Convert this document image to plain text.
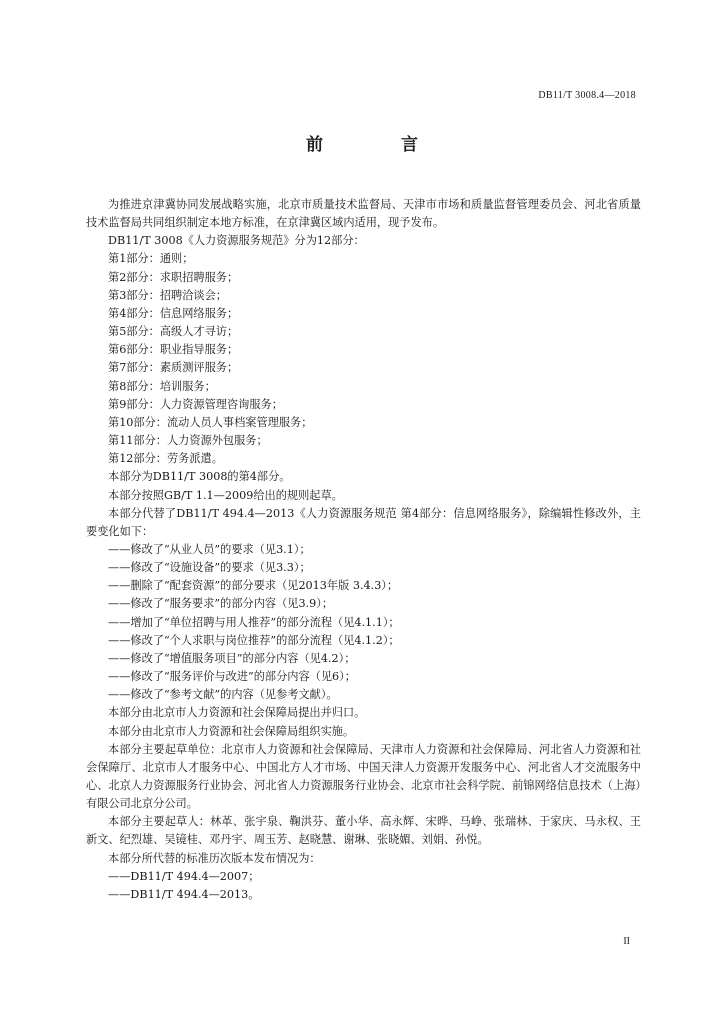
DB11/T 3008.4—2018
前 言

为推进京津冀协同发展战略实施，北京市质量技术监督局、天津市市场和质量监督管理委员会、河北省质量技术监督局共同组织制定本地方标准，在京津冀区域内适用，现予发布。

DB11/T 3008《人力资源服务规范》分为12部分：

第1部分：通则；

第2部分：求职招聘服务；

第3部分：招聘洽谈会；

第4部分：信息网络服务；

第5部分：高级人才寻访；

第6部分：职业指导服务；

第7部分：素质测评服务；

第8部分：培训服务；

第9部分：人力资源管理咨询服务；

第10部分：流动人员人事档案管理服务；

第11部分：人力资源外包服务；

第12部分：劳务派遣。

本部分为DB11/T 3008的第4部分。

本部分按照GB/T 1.1—2009给出的规则起草。

本部分代替了DB11/T 494.4—2013《人力资源服务规范 第4部分：信息网络服务》，除编辑性修改外，主要变化如下：

——修改了“从业人员”的要求（见3.1）；

——修改了“设施设备”的要求（见3.3）；

——删除了“配套资源”的部分要求（见2013年版 3.4.3）；

——修改了“服务要求”的部分内容（见3.9）；

——增加了“单位招聘与用人推荐”的部分流程（见4.1.1）；

——修改了“个人求职与岗位推荐”的部分流程（见4.1.2）；

——修改了“增值服务项目”的部分内容（见4.2）；

——修改了“服务评价与改进”的部分内容（见6）；

——修改了“参考文献”的内容（见参考文献）。

本部分由北京市人力资源和社会保障局提出并归口。

本部分由北京市人力资源和社会保障局组织实施。

本部分主要起草单位：北京市人力资源和社会保障局、天津市人力资源和社会保障局、河北省人力资源和社会保障厅、北京市人才服务中心、中国北方人才市场、中国天津人力资源开发服务中心、河北省人才交流服务中心、北京人力资源服务行业协会、河北省人力资源服务行业协会、北京市社会科学院、前锦网络信息技术（上海）有限公司北京分公司。

本部分主要起草人：林革、张宇泉、鞠洪芬、董小华、高永辉、宋晔、马峥、张瑞林、于家庆、马永权、王新文、纪烈雄、吴镜桂、邓丹宇、周玉芳、赵晓慧、谢琳、张晓媚、刘娟、孙悦。

本部分所代替的标准历次版本发布情况为：

——DB11/T 494.4—2007；

——DB11/T 494.4—2013。

II
